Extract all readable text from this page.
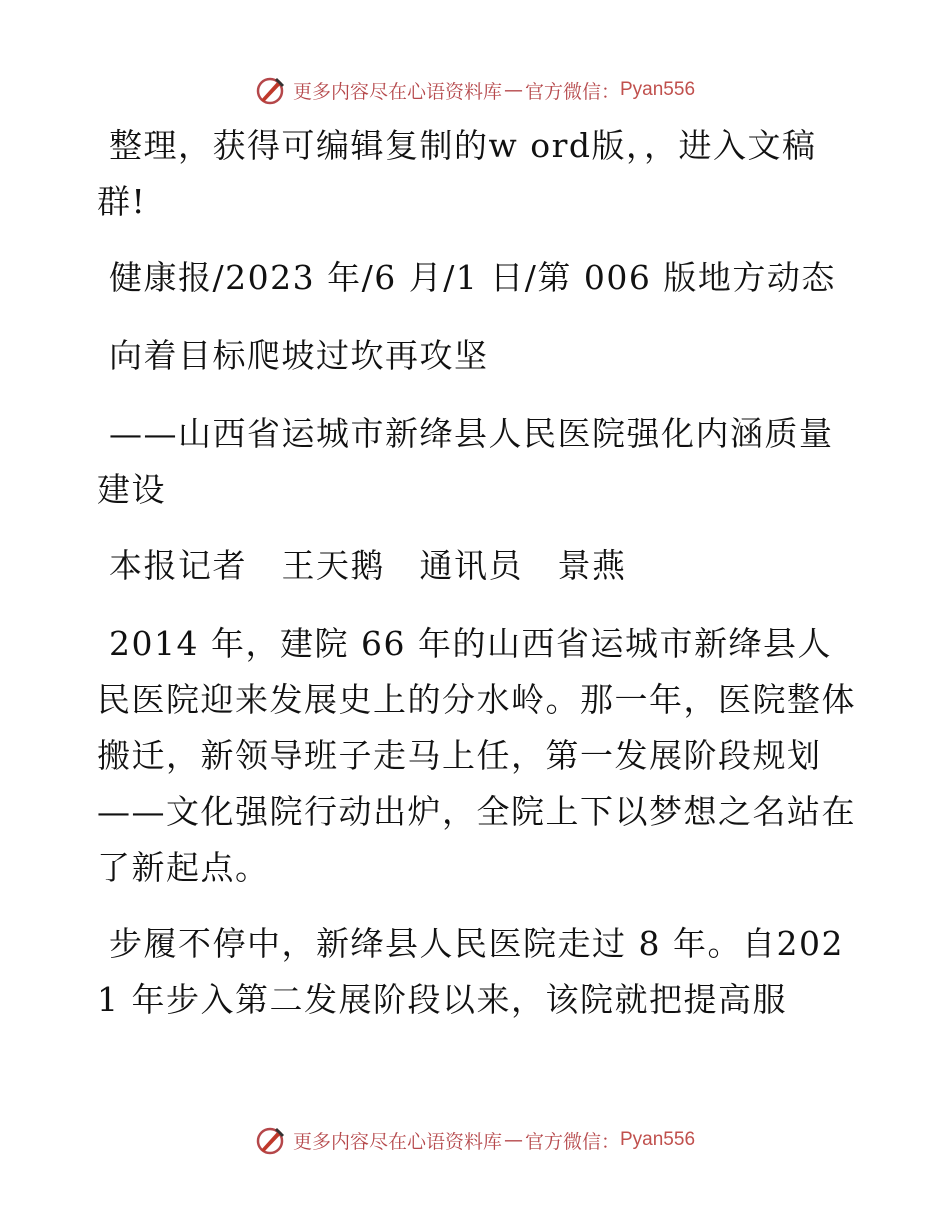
更多内容尽在心语资料库 — 官方微信： Pyan556

整理，获得可编辑复制的w ord版，，进入文稿群!

健康报/2023 年/6 月/1 日/第 006 版地方动态

向着目标爬坡过坎再攻坚

——山西省运城市新绛县人民医院强化内涵质量建设

本报记者　王天鹅　通讯员　景燕

2014 年，建院 66 年的山西省运城市新绛县人民医院迎来发展史上的分水岭。那一年，医院整体搬迁，新领导班子走马上任，第一发展阶段规划——文化强院行动出炉，全院上下以梦想之名站在了新起点。

步履不停中，新绛县人民医院走过 8 年。自2021 年步入第二发展阶段以来，该院就把提高服

更多内容尽在心语资料库 — 官方微信： Pyan556
